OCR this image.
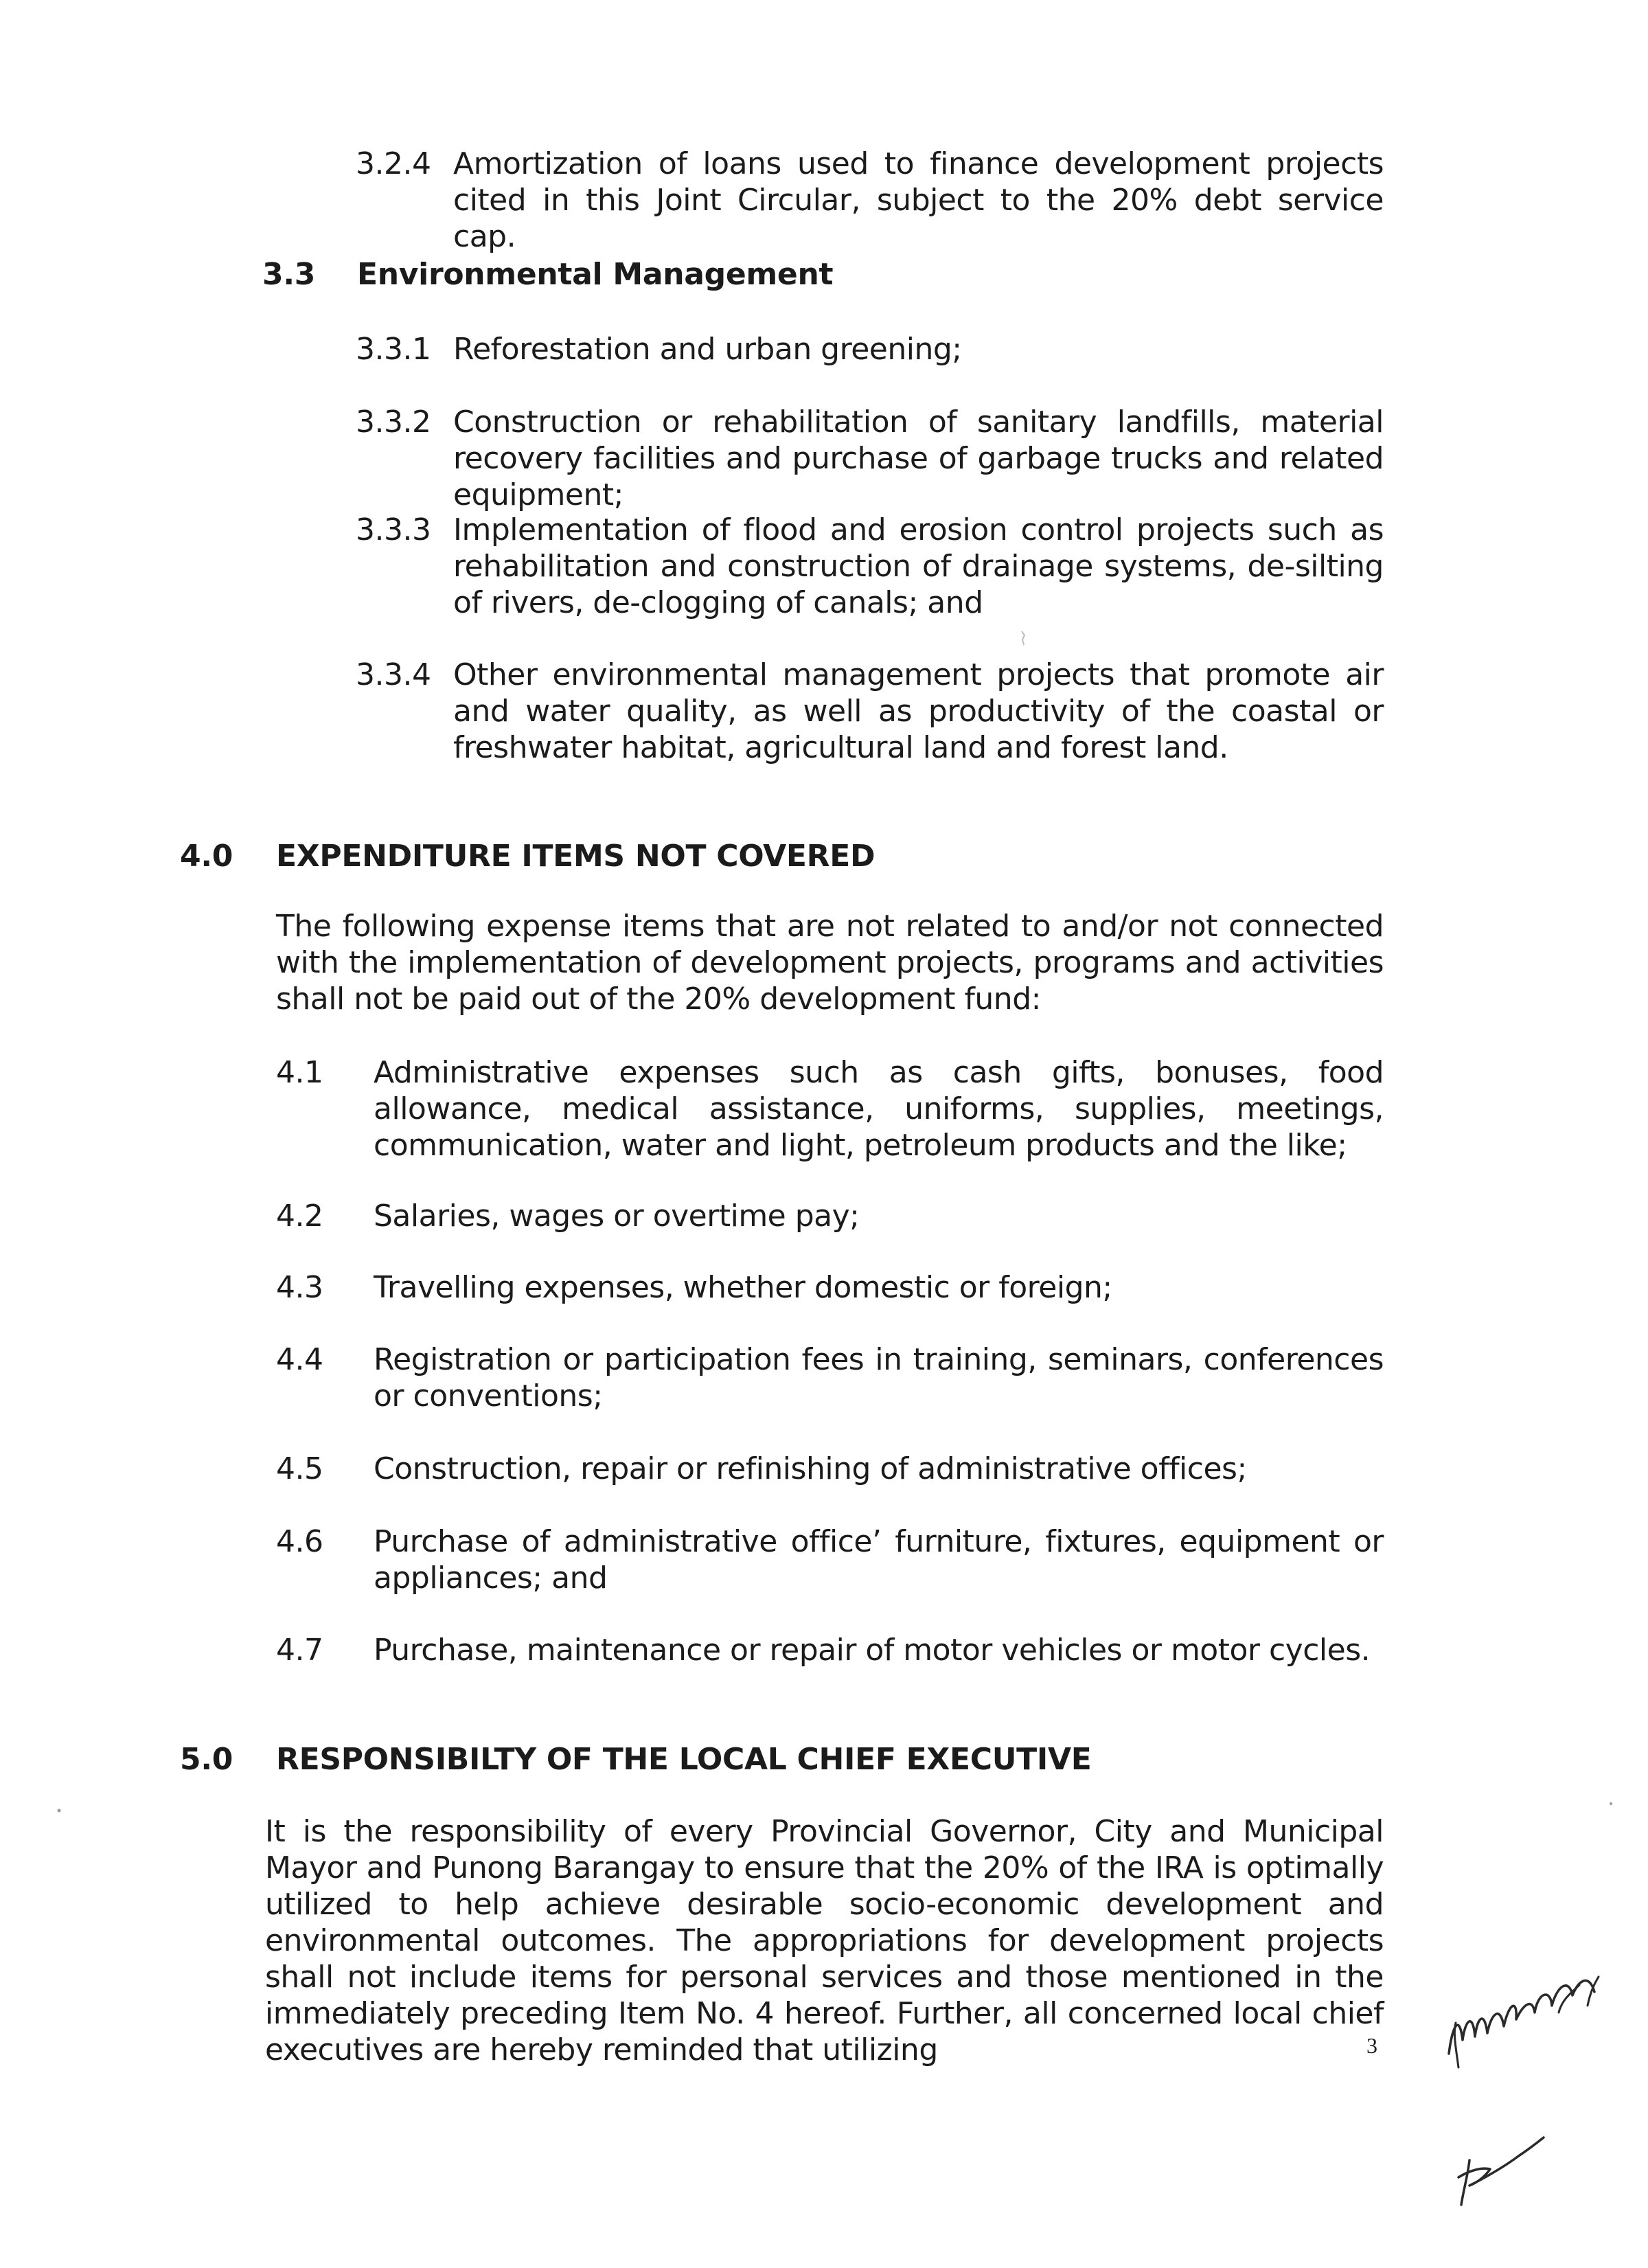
3.2.4 Amortization of loans used to finance development projects cited in this Joint Circular, subject to the 20% debt service cap.

3.3 Environmental Management
3.3.1 Reforestation and urban greening;

3.3.2 Construction or rehabilitation of sanitary landfills, material recovery facilities and purchase of garbage trucks and related equipment;

3.3.3 Implementation of flood and erosion control projects such as rehabilitation and construction of drainage systems, de-silting of rivers, de-clogging of canals; and

3.3.4 Other environmental management projects that promote air and water quality, as well as productivity of the coastal or freshwater habitat, agricultural land and forest land.

4.0 EXPENDITURE ITEMS NOT COVERED

The following expense items that are not related to and/or not connected with the implementation of development projects, programs and activities shall not be paid out of the 20% development fund:

4.1 Administrative expenses such as cash gifts, bonuses, food allowance, medical assistance, uniforms, supplies, meetings, communication, water and light, petroleum products and the like;

4.2 Salaries, wages or overtime pay;

4.3 Travelling expenses, whether domestic or foreign;

4.4 Registration or participation fees in training, seminars, conferences or conventions;

4.5 Construction, repair or refinishing of administrative offices;

4.6 Purchase of administrative office’ furniture, fixtures, equipment or appliances; and

4.7 Purchase, maintenance or repair of motor vehicles or motor cycles.

5.0 RESPONSIBILTY OF THE LOCAL CHIEF EXECUTIVE

It is the responsibility of every Provincial Governor, City and Municipal Mayor and Punong Barangay to ensure that the 20% of the IRA is optimally utilized to help achieve desirable socio-economic development and environmental outcomes. The appropriations for development projects shall not include items for personal services and those mentioned in the immediately preceding Item No. 4 hereof. Further, all concerned local chief executives are hereby reminded that utilizing	3
